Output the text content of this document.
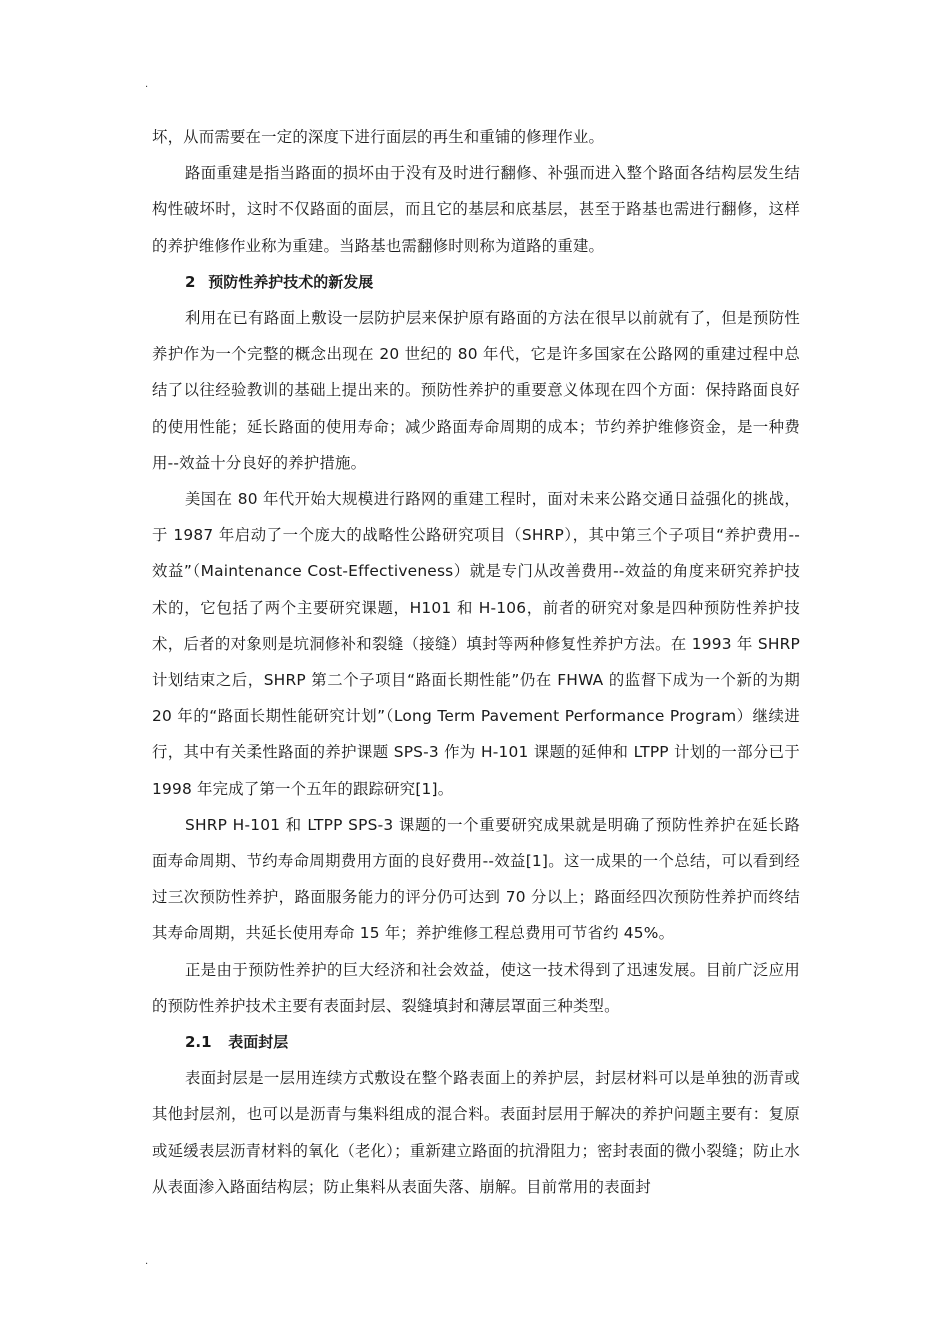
.

坏，从而需要在一定的深度下进行面层的再生和重铺的修理作业。

路面重建是指当路面的损坏由于没有及时进行翻修、补强而进入整个路面各结构层发生结构性破坏时，这时不仅路面的面层，而且它的基层和底基层，甚至于路基也需进行翻修，这样的养护维修作业称为重建。当路基也需翻修时则称为道路的重建。

2 预防性养护技术的新发展

利用在已有路面上敷设一层防护层来保护原有路面的方法在很早以前就有了，但是预防性养护作为一个完整的概念出现在 20 世纪的 80 年代，它是许多国家在公路网的重建过程中总结了以往经验教训的基础上提出来的。预防性养护的重要意义体现在四个方面：保持路面良好的使用性能；延长路面的使用寿命；减少路面寿命周期的成本；节约养护维修资金，是一种费用--效益十分良好的养护措施。

美国在 80 年代开始大规模进行路网的重建工程时，面对未来公路交通日益强化的挑战，于 1987 年启动了一个庞大的战略性公路研究项目（SHRP），其中第三个子项目“养护费用--效益”（Maintenance Cost-Effectiveness）就是专门从改善费用--效益的角度来研究养护技术的，它包括了两个主要研究课题，H101 和 H-106，前者的研究对象是四种预防性养护技术，后者的对象则是坑洞修补和裂缝（接缝）填封等两种修复性养护方法。在 1993 年 SHRP 计划结束之后，SHRP 第二个子项目“路面长期性能”仍在 FHWA 的监督下成为一个新的为期 20 年的“路面长期性能研究计划”（Long Term Pavement Performance Program）继续进行，其中有关柔性路面的养护课题 SPS-3 作为 H-101 课题的延伸和 LTPP 计划的一部分已于 1998 年完成了第一个五年的跟踪研究[1]。

SHRP H-101 和 LTPP SPS-3 课题的一个重要研究成果就是明确了预防性养护在延长路面寿命周期、节约寿命周期费用方面的良好费用--效益[1]。这一成果的一个总结，可以看到经过三次预防性养护，路面服务能力的评分仍可达到 70 分以上；路面经四次预防性养护而终结其寿命周期，共延长使用寿命 15 年；养护维修工程总费用可节省约 45%。

正是由于预防性养护的巨大经济和社会效益，使这一技术得到了迅速发展。目前广泛应用的预防性养护技术主要有表面封层、裂缝填封和薄层罩面三种类型。

2.1 表面封层

表面封层是一层用连续方式敷设在整个路表面上的养护层，封层材料可以是单独的沥青或其他封层剂，也可以是沥青与集料组成的混合料。表面封层用于解决的养护问题主要有：复原或延缓表层沥青材料的氧化（老化）；重新建立路面的抗滑阻力；密封表面的微小裂缝；防止水从表面渗入路面结构层；防止集料从表面失落、崩解。目前常用的表面封

.
